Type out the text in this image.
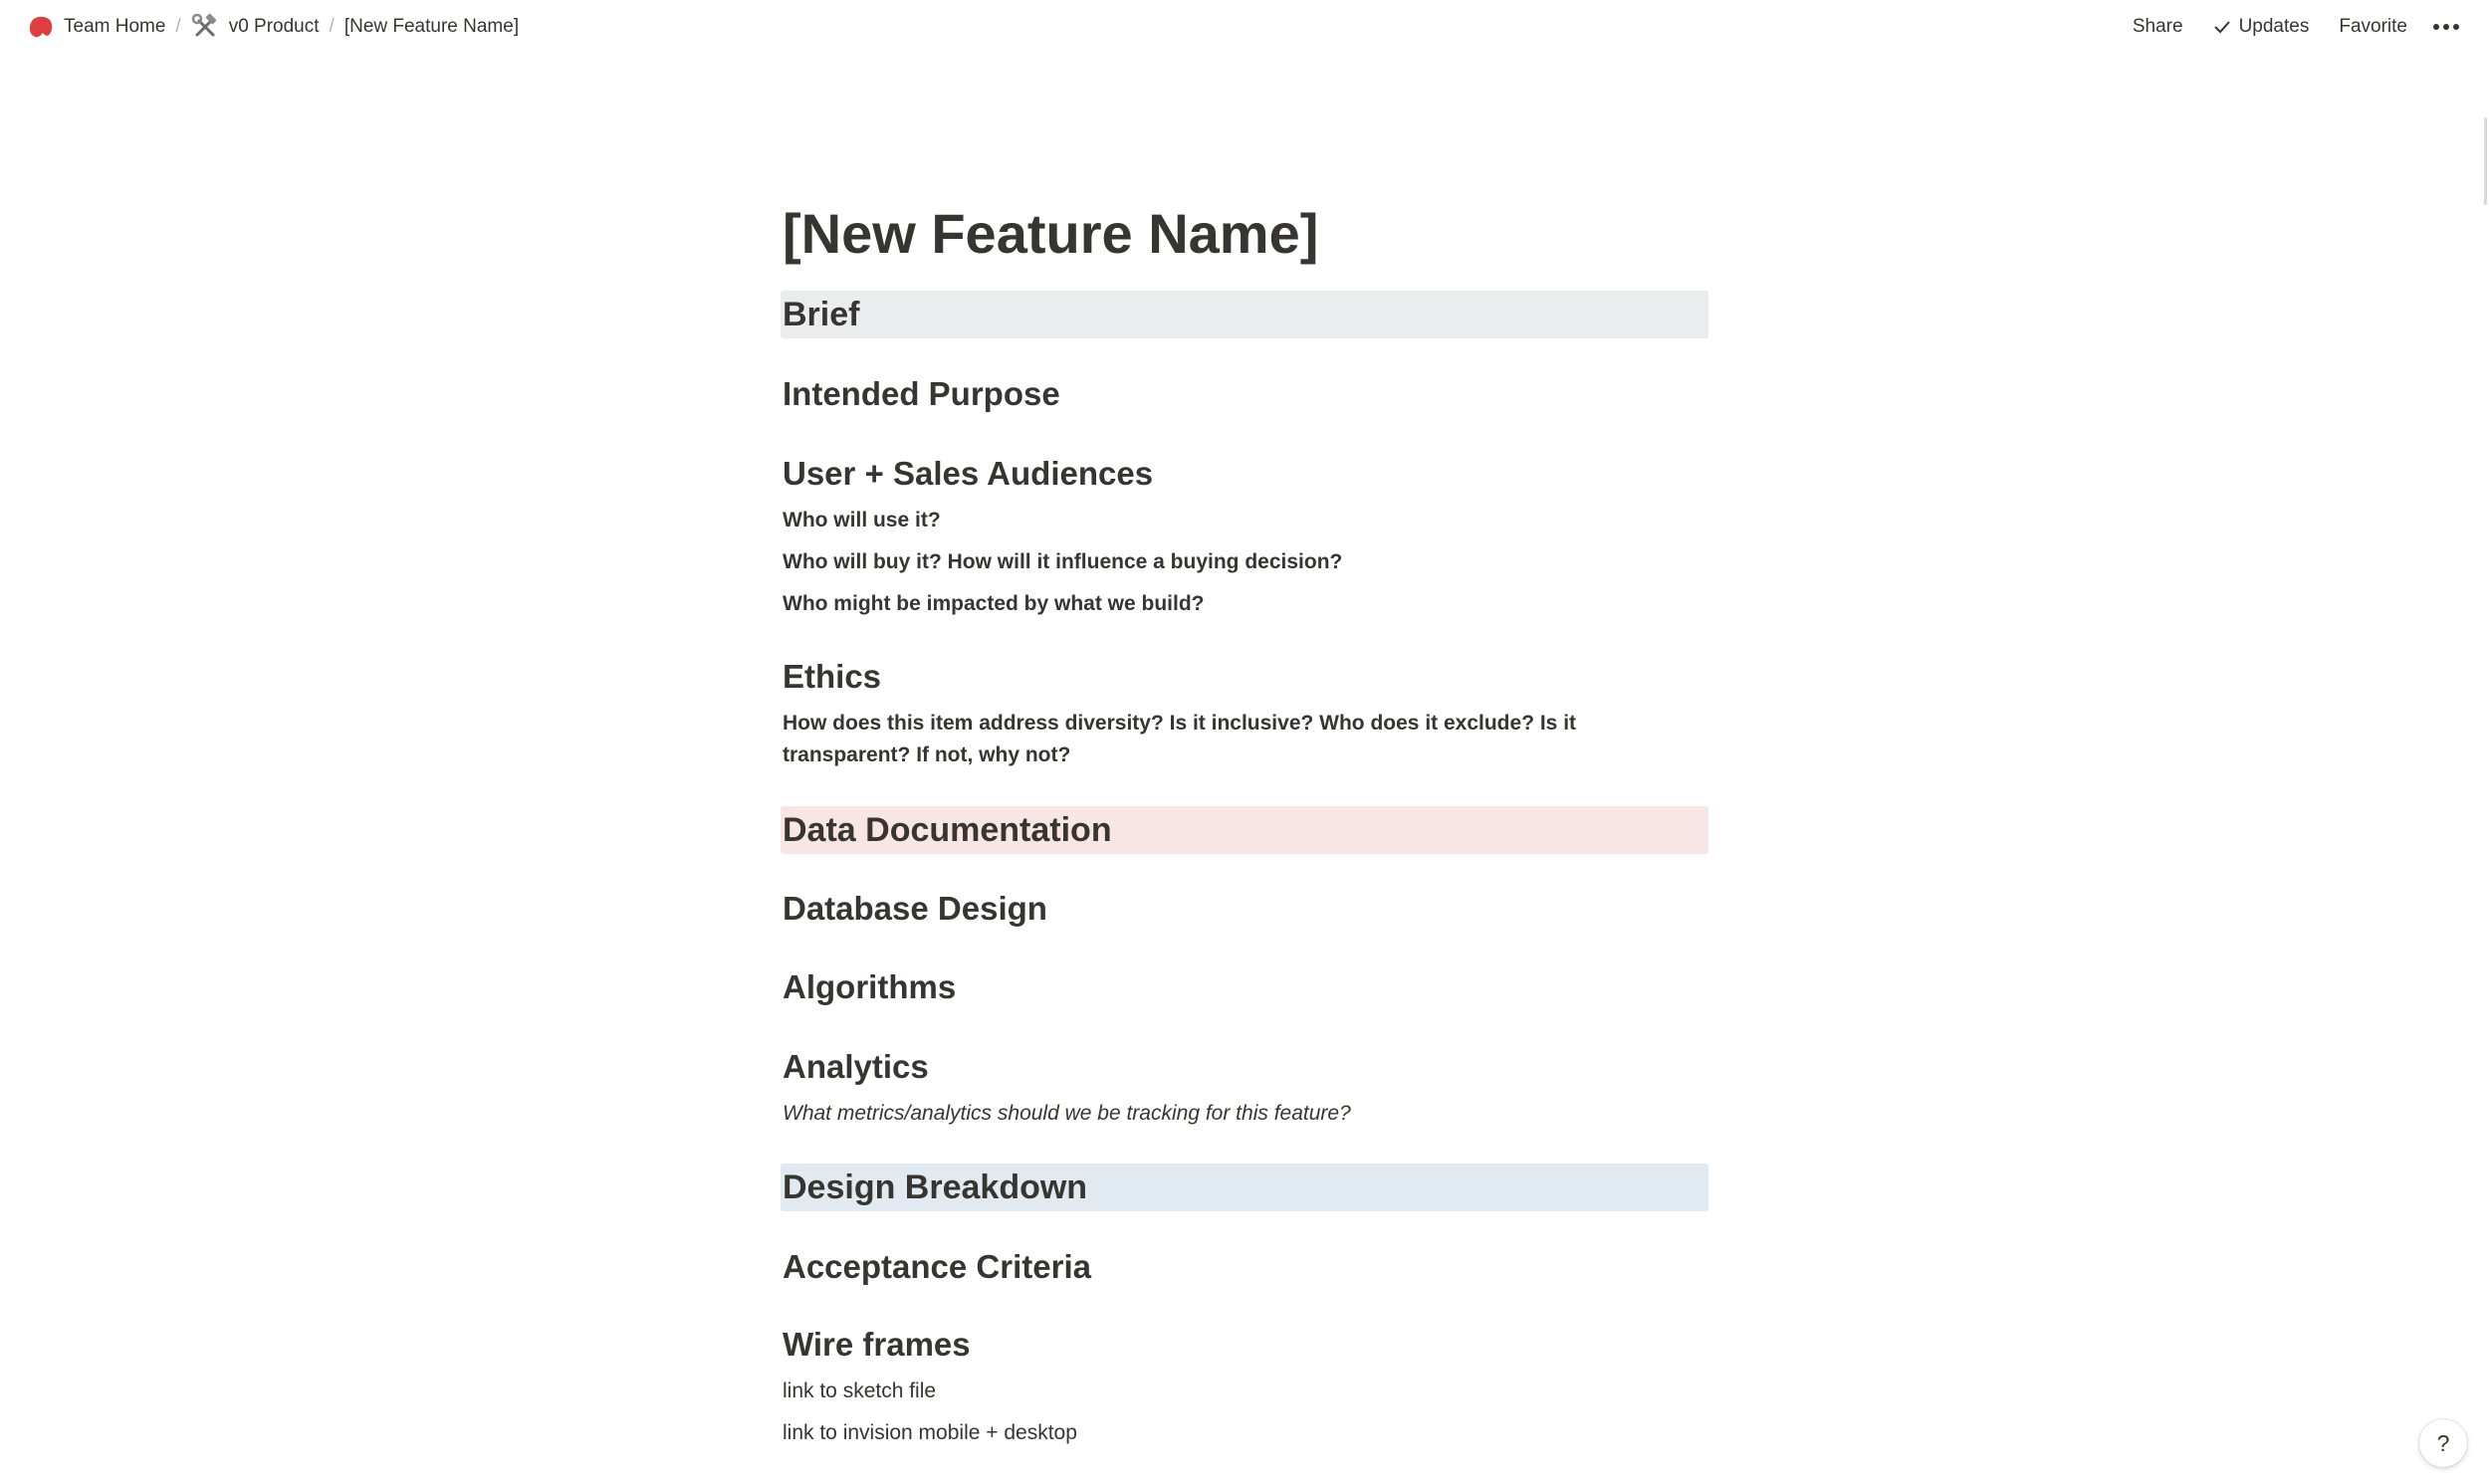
Team Home /	v0 Product / [New Feature Name]	Share	Updates Favorite
[New Feature Name]
Brief
Intended Purpose
User + Sales Audiences
Who will use it?
Who will buy it? How will it influence a buying decision?
Who might be impacted by what we build?
Ethics
How does this item address diversity? Is it inclusive? Who does it exclude? Is it transparent? If not, why not?
Data Documentation
Database Design
Algorithms
Analytics
What metrics/analytics should we be tracking for this feature?
Design Breakdown
Acceptance Criteria
Wire frames
link to sketch file
link to invision mobile + desktop	?
